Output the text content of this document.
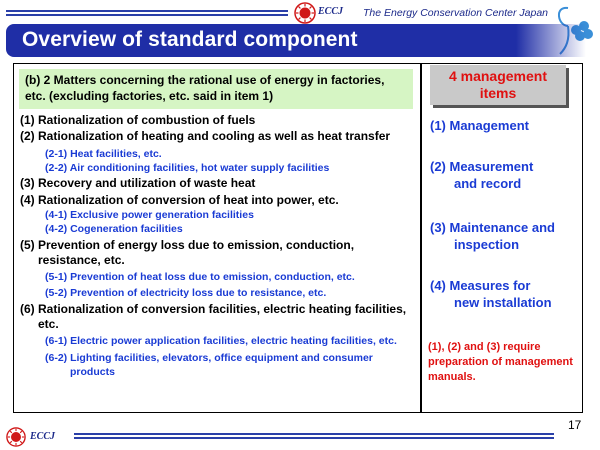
ECCJ The Energy Conservation Center Japan
Overview of standard component
(b) 2 Matters concerning the rational use of energy in factories, etc. (excluding factories, etc. said in item 1)
(1) Rationalization of combustion of fuels
(2) Rationalization of heating and cooling as well as heat transfer
(2-1) Heat facilities, etc.
(2-2) Air conditioning facilities, hot water supply facilities
(3) Recovery and utilization of waste heat
(4) Rationalization of conversion of heat into power, etc.
(4-1) Exclusive power generation facilities
(4-2) Cogeneration facilities
(5) Prevention of energy loss due to emission, conduction, resistance, etc.
(5-1) Prevention of heat loss due to emission, conduction, etc.
(5-2) Prevention of electricity loss due to resistance, etc.
(6) Rationalization of conversion facilities, electric heating facilities, etc.
(6-1) Electric power application facilities, electric heating facilities, etc.
(6-2) Lighting facilities, elevators, office equipment and consumer products
4 management
items
(1) Management
(2) Measurement
and record
(3) Maintenance and
inspection
(4) Measures for
new installation
(1), (2) and (3) require preparation of management manuals.
17
ECCJ
